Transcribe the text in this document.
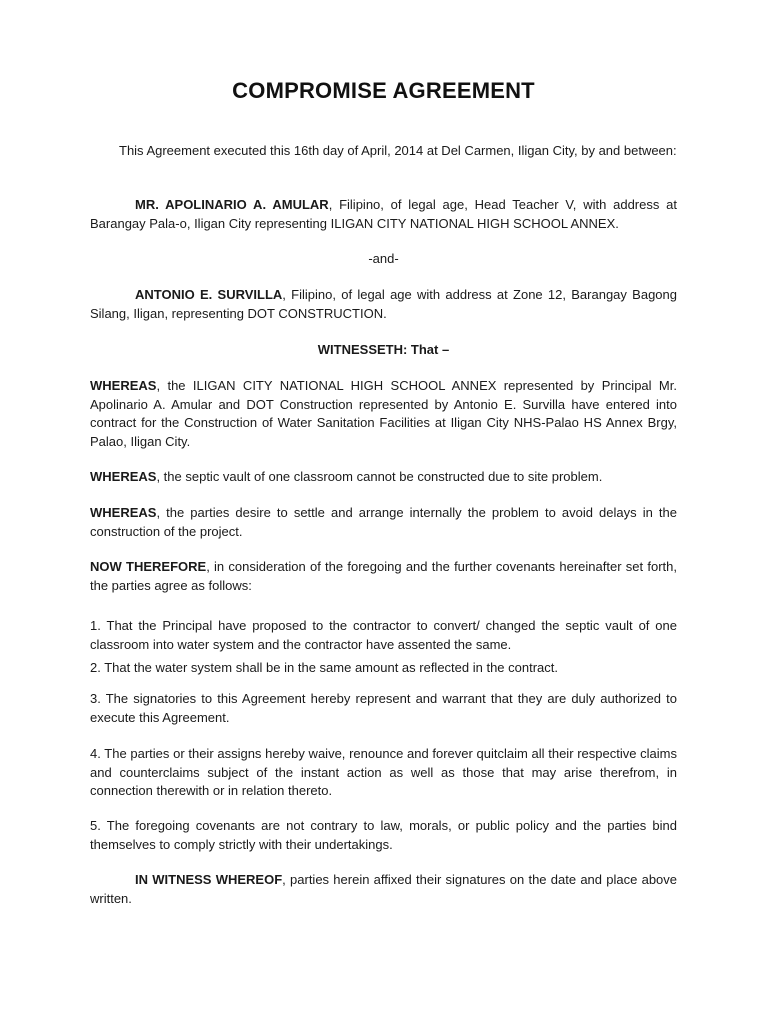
COMPROMISE AGREEMENT

This Agreement executed this 16th day of April, 2014 at Del Carmen, Iligan City, by and between:

MR. APOLINARIO A. AMULAR, Filipino, of legal age, Head Teacher V, with address at Barangay Pala-o, Iligan City representing ILIGAN CITY NATIONAL HIGH SCHOOL ANNEX.

-and-

ANTONIO E. SURVILLA, Filipino, of legal age with address at Zone 12, Barangay Bagong Silang, Iligan, representing DOT CONSTRUCTION.

WITNESSETH: That –

WHEREAS, the ILIGAN CITY NATIONAL HIGH SCHOOL ANNEX represented by Principal Mr. Apolinario A. Amular and DOT Construction represented by Antonio E. Survilla have entered into contract for the Construction of Water Sanitation Facilities at Iligan City NHS-Palao HS Annex Brgy, Palao, Iligan City.

WHEREAS, the septic vault of one classroom cannot be constructed due to site problem.

WHEREAS, the parties desire to settle and arrange internally the problem to avoid delays in the construction of the project.

NOW THEREFORE, in consideration of the foregoing and the further covenants hereinafter set forth, the parties agree as follows:

1. That the Principal have proposed to the contractor to convert/ changed the septic vault of one classroom into water system and the contractor have assented the same.

2. That the water system shall be in the same amount as reflected in the contract.

3. The signatories to this Agreement hereby represent and warrant that they are duly authorized to execute this Agreement.

4. The parties or their assigns hereby waive, renounce and forever quitclaim all their respective claims and counterclaims subject of the instant action as well as those that may arise therefrom, in connection therewith or in relation thereto.

5. The foregoing covenants are not contrary to law, morals, or public policy and the parties bind themselves to comply strictly with their undertakings.

IN WITNESS WHEREOF, parties herein affixed their signatures on the date and place above written.
